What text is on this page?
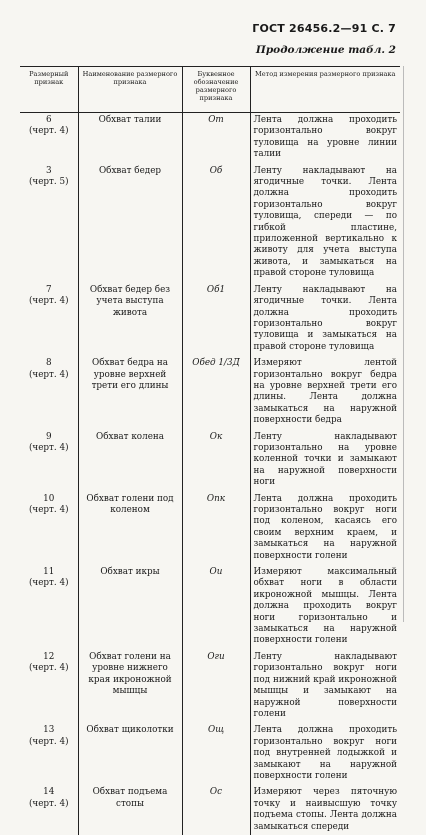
ГОСТ 26456.2—91 С. 7
Продолжение табл. 2
Размерный признак	Наименование размерного признака	Буквенное обозначение размерного признака	Метод измерения размерного признака

6
(черт. 4)	Обхват талии	Oт	Лента должна проходить горизонтально вокруг туловища на уровне линии талии

3
(черт. 5)	Обхват бедер	Oб	Ленту накладывают на ягодичные точки. Лента должна проходить горизонтально вокруг туловища, спереди — по гибкой пластине, приложенной вертикально к животу для учета выступа живота, и замыкаться на правой стороне туловища

7
(черт. 4)	Обхват бедер без учета выступа живота	Oб1	Ленту накладывают на ягодичные точки. Лента должна проходить горизонтально вокруг туловища и замыкаться на правой стороне туловища

8
(черт. 4)	Обхват бедра на уровне верхней трети его длины	Oбед 1/3Д	Измеряют лентой горизонтально вокруг бедра на уровне верхней трети его длины. Лента должна замыкаться на наружной поверхности бедра

9
(черт. 4)	Обхват колена	Oк	Ленту накладывают горизонтально на уровне коленной точки и замыкают на наружной поверхности ноги

10
(черт. 4)	Обхват голени под коленом	Oпк	Лента должна проходить горизонтально вокруг ноги под коленом, касаясь его своим верхним краем, и замыкаться на наружной поверхности голени

11
(черт. 4)	Обхват икры	Oи	Измеряют максимальный обхват ноги в области икроножной мышцы. Лента должна проходить вокруг ноги горизонтально и замыкаться на наружной поверхности голени

12
(черт. 4)	Обхват голени на уровне нижнего края икроножной мышцы	Oги	Ленту накладывают горизонтально вокруг ноги под нижний край икроножной мышцы и замыкают на наружной поверхности голени

13
(черт. 4)	Обхват щиколотки	Oщ	Лента должна проходить горизонтально вокруг ноги под внутренней лодыжкой и замыкают на наружной поверхности голени

14
(черт. 4)	Обхват подъема стопы	Oс	Измеряют через пяточную точку и наивысшую точку подъема стопы. Лента должна замыкаться спереди
